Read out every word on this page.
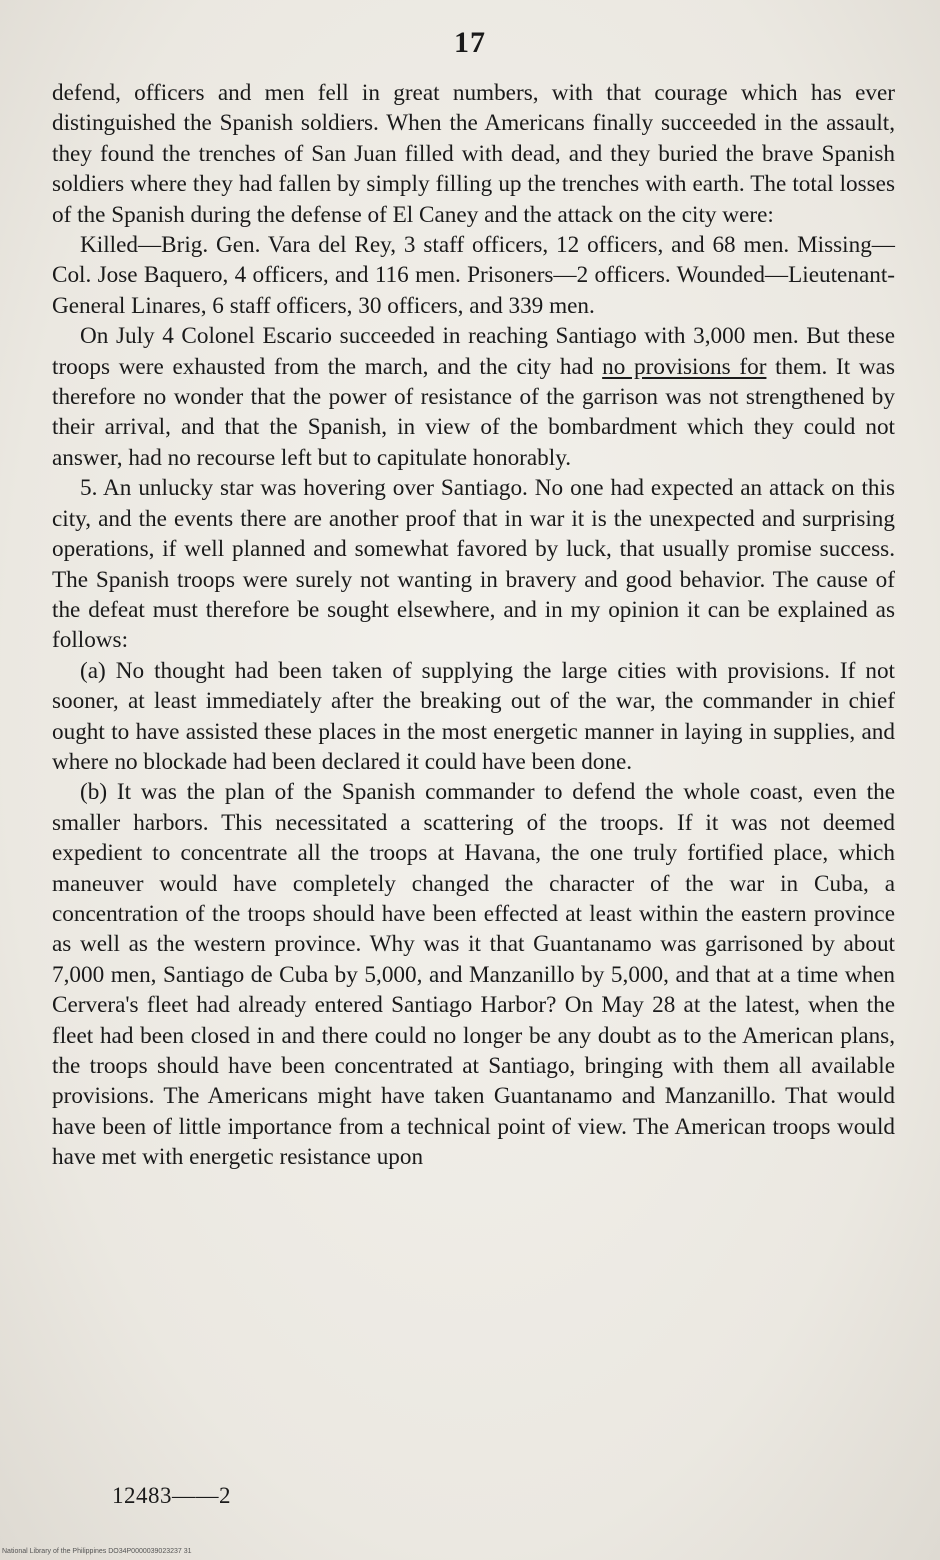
17

defend, officers and men fell in great numbers, with that courage which has ever distinguished the Spanish soldiers. When the Americans finally succeeded in the assault, they found the trenches of San Juan filled with dead, and they buried the brave Spanish soldiers where they had fallen by simply filling up the trenches with earth. The total losses of the Spanish during the defense of El Caney and the attack on the city were:

Killed—Brig. Gen. Vara del Rey, 3 staff officers, 12 officers, and 68 men. Missing—Col. Jose Baquero, 4 officers, and 116 men. Prisoners—2 officers. Wounded—Lieutenant-General Linares, 6 staff officers, 30 officers, and 339 men.

On July 4 Colonel Escario succeeded in reaching Santiago with 3,000 men. But these troops were exhausted from the march, and the city had no provisions for them. It was therefore no wonder that the power of resistance of the garrison was not strengthened by their arrival, and that the Spanish, in view of the bombardment which they could not answer, had no recourse left but to capitulate honorably.

5. An unlucky star was hovering over Santiago. No one had expected an attack on this city, and the events there are another proof that in war it is the unexpected and surprising operations, if well planned and somewhat favored by luck, that usually promise success. The Spanish troops were surely not wanting in bravery and good behavior. The cause of the defeat must therefore be sought elsewhere, and in my opinion it can be explained as follows:

(a) No thought had been taken of supplying the large cities with provisions. If not sooner, at least immediately after the breaking out of the war, the commander in chief ought to have assisted these places in the most energetic manner in laying in supplies, and where no blockade had been declared it could have been done.

(b) It was the plan of the Spanish commander to defend the whole coast, even the smaller harbors. This necessitated a scattering of the troops. If it was not deemed expedient to concentrate all the troops at Havana, the one truly fortified place, which maneuver would have completely changed the character of the war in Cuba, a concentration of the troops should have been effected at least within the eastern province as well as the western province. Why was it that Guantanamo was garrisoned by about 7,000 men, Santiago de Cuba by 5,000, and Manzanillo by 5,000, and that at a time when Cervera's fleet had already entered Santiago Harbor? On May 28 at the latest, when the fleet had been closed in and there could no longer be any doubt as to the American plans, the troops should have been concentrated at Santiago, bringing with them all available provisions. The Americans might have taken Guantanamo and Manzanillo. That would have been of little importance from a technical point of view. The American troops would have met with energetic resistance upon

12483——2
National Library of the Philippines DO34P0000039023237 31
